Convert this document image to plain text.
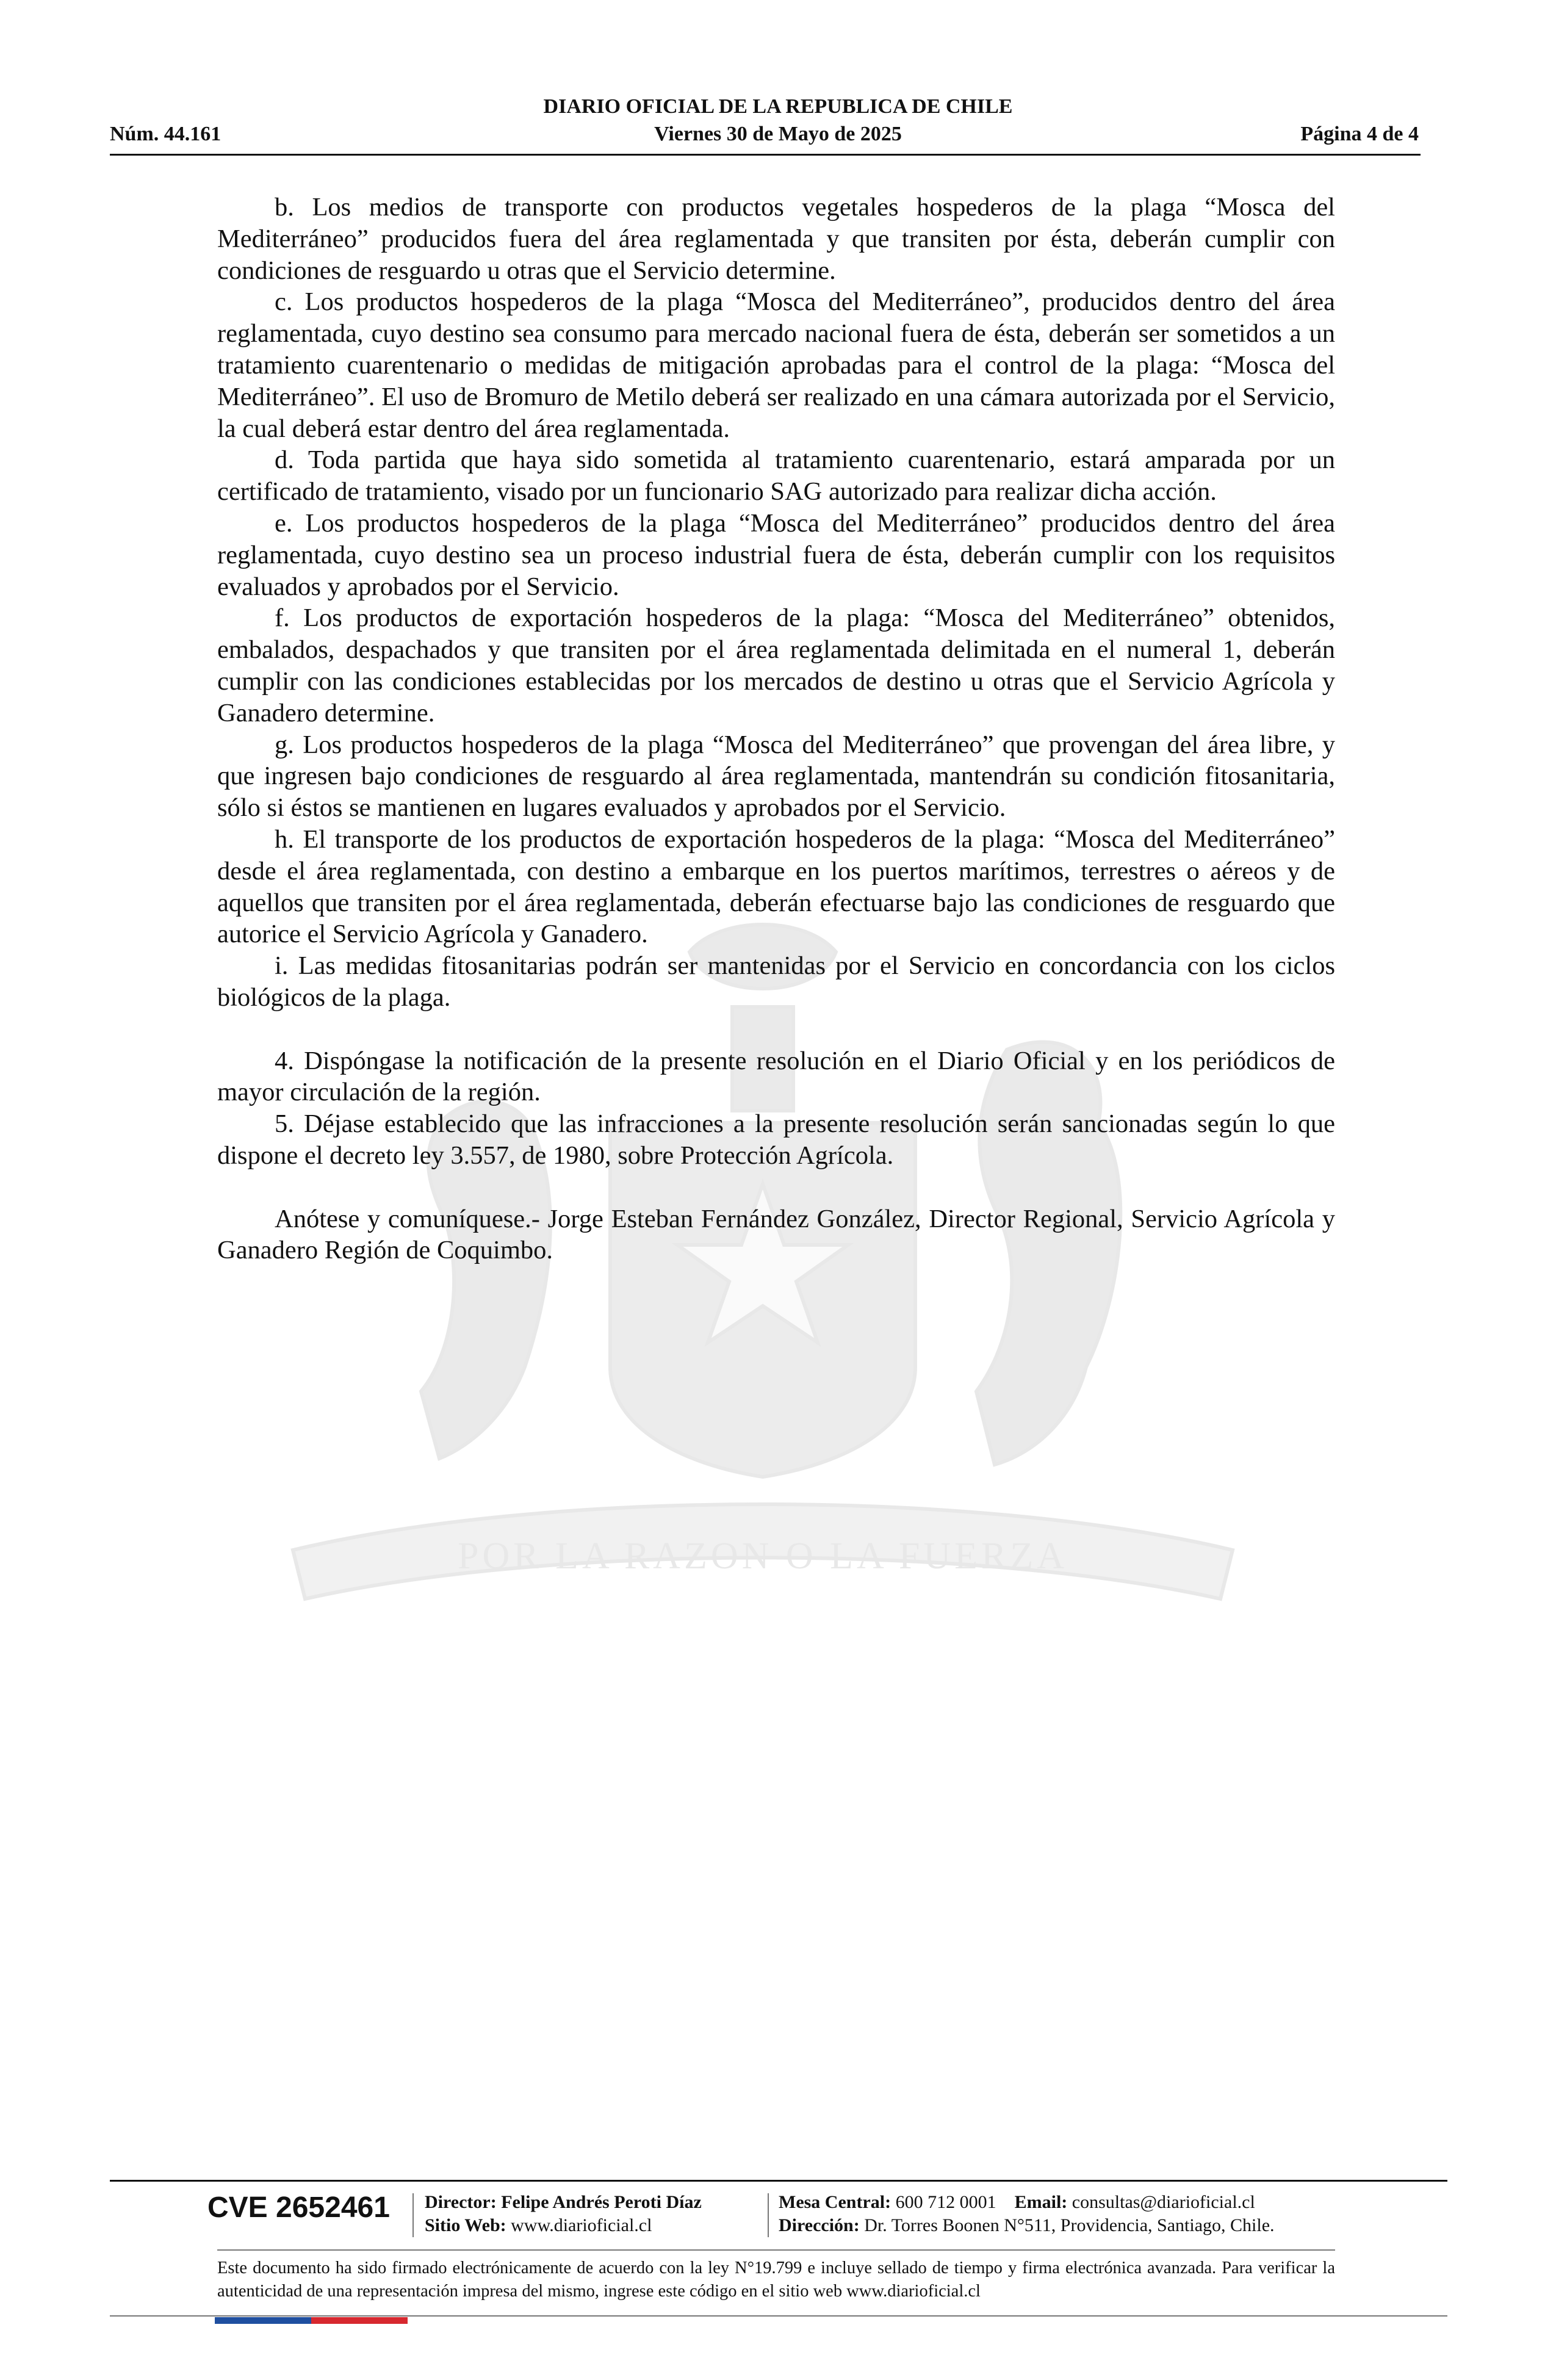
DIARIO OFICIAL DE LA REPUBLICA DE CHILE
Núm. 44.161	Viernes 30 de Mayo de 2025	Página 4 de 4
POR LA RAZON O LA FUERZA

b. Los medios de transporte con productos vegetales hospederos de la plaga “Mosca del Mediterráneo” producidos fuera del área reglamentada y que transiten por ésta, deberán cumplir con condiciones de resguardo u otras que el Servicio determine.

c. Los productos hospederos de la plaga “Mosca del Mediterráneo”, producidos dentro del área reglamentada, cuyo destino sea consumo para mercado nacional fuera de ésta, deberán ser sometidos a un tratamiento cuarentenario o medidas de mitigación aprobadas para el control de la plaga: “Mosca del Mediterráneo”. El uso de Bromuro de Metilo deberá ser realizado en una cámara autorizada por el Servicio, la cual deberá estar dentro del área reglamentada.

d. Toda partida que haya sido sometida al tratamiento cuarentenario, estará amparada por un certificado de tratamiento, visado por un funcionario SAG autorizado para realizar dicha acción.

e. Los productos hospederos de la plaga “Mosca del Mediterráneo” producidos dentro del área reglamentada, cuyo destino sea un proceso industrial fuera de ésta, deberán cumplir con los requisitos evaluados y aprobados por el Servicio.

f. Los productos de exportación hospederos de la plaga: “Mosca del Mediterráneo” obtenidos, embalados, despachados y que transiten por el área reglamentada delimitada en el numeral 1, deberán cumplir con las condiciones establecidas por los mercados de destino u otras que el Servicio Agrícola y Ganadero determine.

g. Los productos hospederos de la plaga “Mosca del Mediterráneo” que provengan del área libre, y que ingresen bajo condiciones de resguardo al área reglamentada, mantendrán su condición fitosanitaria, sólo si éstos se mantienen en lugares evaluados y aprobados por el Servicio.

h. El transporte de los productos de exportación hospederos de la plaga: “Mosca del Mediterráneo” desde el área reglamentada, con destino a embarque en los puertos marítimos, terrestres o aéreos y de aquellos que transiten por el área reglamentada, deberán efectuarse bajo las condiciones de resguardo que autorice el Servicio Agrícola y Ganadero.

i. Las medidas fitosanitarias podrán ser mantenidas por el Servicio en concordancia con los ciclos biológicos de la plaga.

4. Dispóngase la notificación de la presente resolución en el Diario Oficial y en los periódicos de mayor circulación de la región.

5. Déjase establecido que las infracciones a la presente resolución serán sancionadas según lo que dispone el decreto ley 3.557, de 1980, sobre Protección Agrícola.

Anótese y comuníquese.- Jorge Esteban Fernández González, Director Regional, Servicio Agrícola y Ganadero Región de Coquimbo.

CVE 2652461 Director: Felipe Andrés Peroti Díaz
Sitio Web: www.diarioficial.cl
Mesa Central: 600 712 0001 Email: consultas@diarioficial.cl
Dirección: Dr. Torres Boonen N°511, Providencia, Santiago, Chile.
Este documento ha sido firmado electrónicamente de acuerdo con la ley N°19.799 e incluye sellado de tiempo y firma electrónica avanzada. Para verificar la autenticidad de una representación impresa del mismo, ingrese este código en el sitio web www.diarioficial.cl
